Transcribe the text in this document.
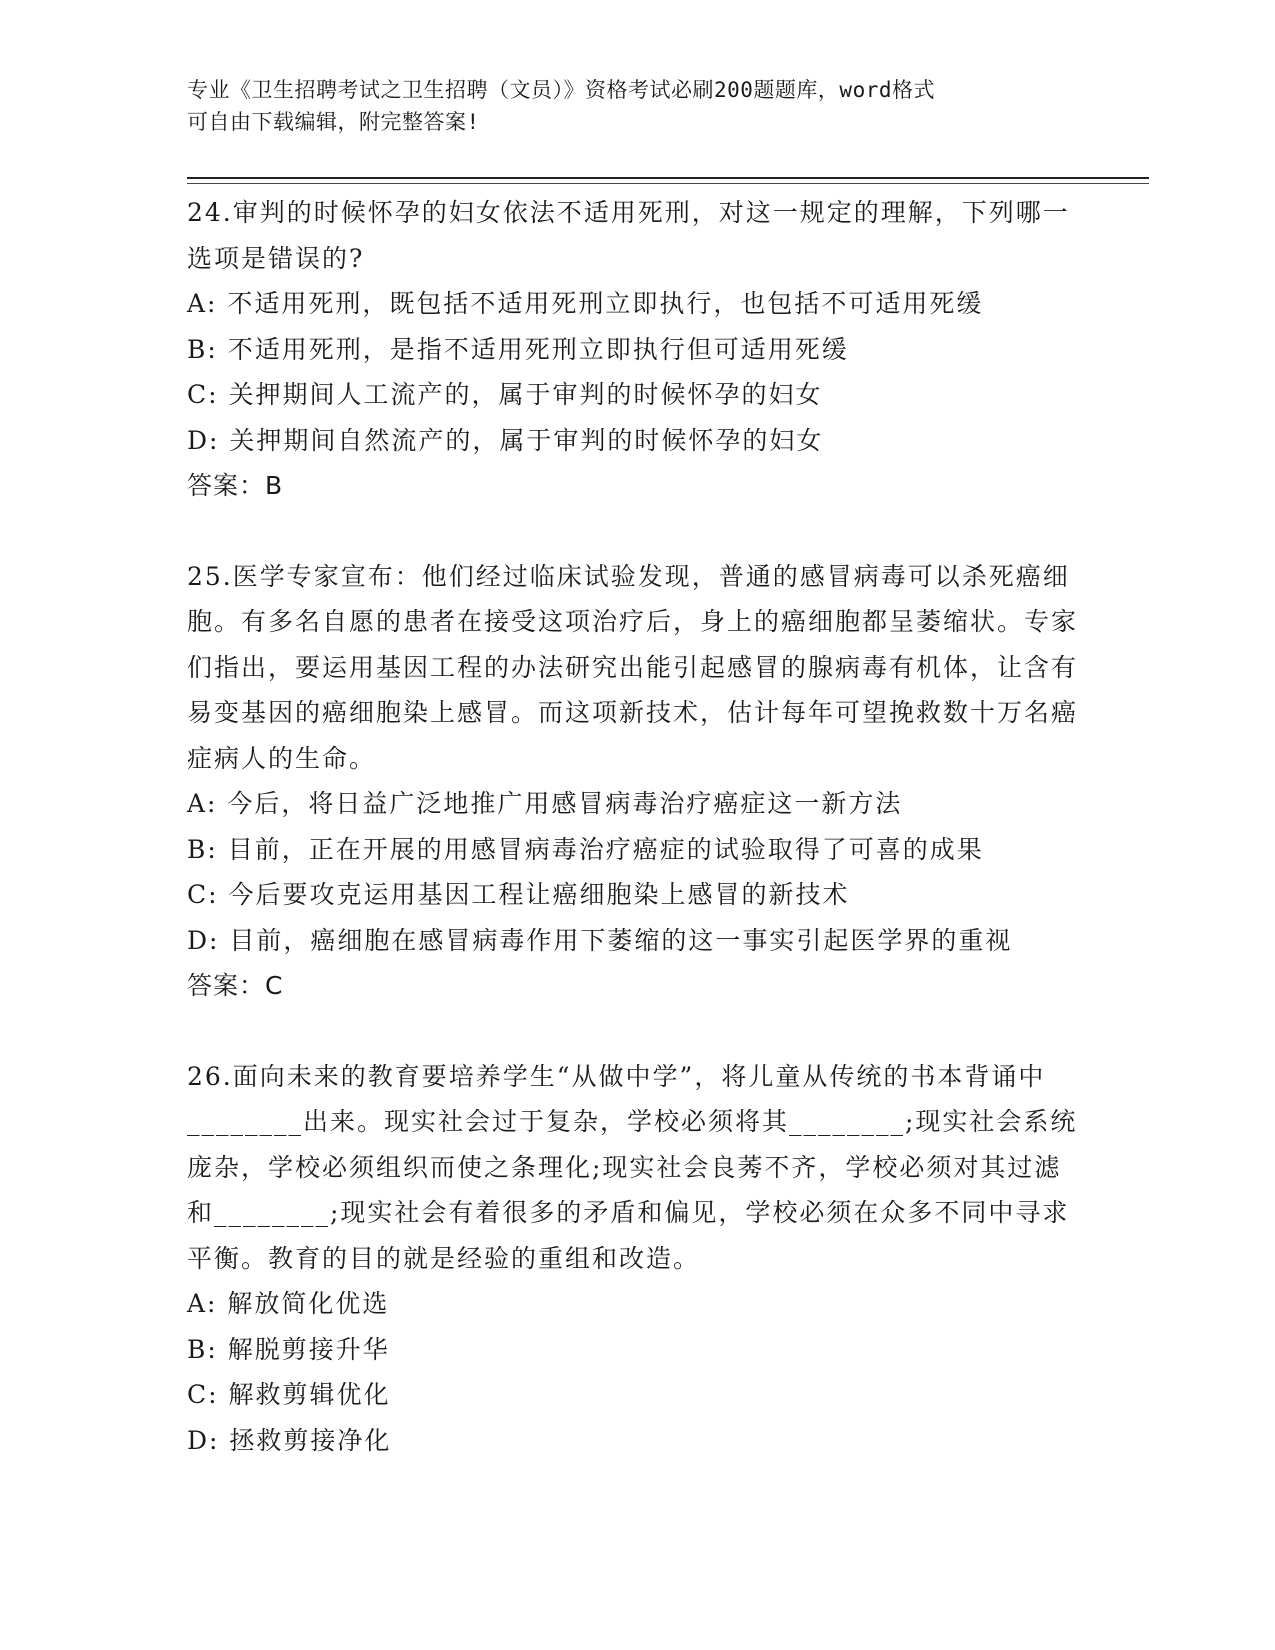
专业《卫生招聘考试之卫生招聘（文员）》资格考试必刷200题题库，word格式
可自由下载编辑，附完整答案!

24.审判的时候怀孕的妇女依法不适用死刑，对这一规定的理解，下列哪一选项是错误的?

A: 不适用死刑，既包括不适用死刑立即执行，也包括不可适用死缓

B: 不适用死刑，是指不适用死刑立即执行但可适用死缓

C: 关押期间人工流产的，属于审判的时候怀孕的妇女

D: 关押期间自然流产的，属于审判的时候怀孕的妇女

答案：B

25.医学专家宣布：他们经过临床试验发现，普通的感冒病毒可以杀死癌细胞。有多名自愿的患者在接受这项治疗后，身上的癌细胞都呈萎缩状。专家们指出，要运用基因工程的办法研究出能引起感冒的腺病毒有机体，让含有易变基因的癌细胞染上感冒。而这项新技术，估计每年可望挽救数十万名癌症病人的生命。

A: 今后，将日益广泛地推广用感冒病毒治疗癌症这一新方法

B: 目前，正在开展的用感冒病毒治疗癌症的试验取得了可喜的成果

C: 今后要攻克运用基因工程让癌细胞染上感冒的新技术

D: 目前，癌细胞在感冒病毒作用下萎缩的这一事实引起医学界的重视

答案：C

26.面向未来的教育要培养学生“从做中学”，将儿童从传统的书本背诵中________出来。现实社会过于复杂，学校必须将其________;现实社会系统庞杂，学校必须组织而使之条理化;现实社会良莠不齐，学校必须对其过滤和________;现实社会有着很多的矛盾和偏见，学校必须在众多不同中寻求平衡。教育的目的就是经验的重组和改造。

A: 解放简化优选

B: 解脱剪接升华

C: 解救剪辑优化

D: 拯救剪接净化
